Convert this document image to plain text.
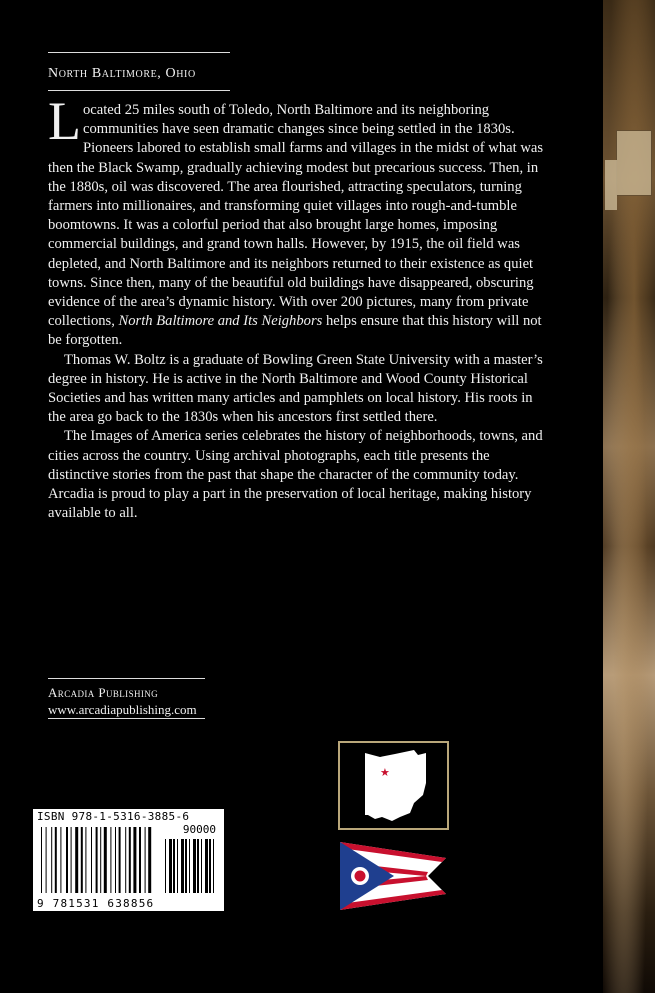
North Baltimore, Ohio

Located 25 miles south of Toledo, North Baltimore and its neighboring communities have seen dramatic changes since being settled in the 1830s. Pioneers labored to establish small farms and villages in the midst of what was then the Black Swamp, gradually achieving modest but precarious success. Then, in the 1880s, oil was discovered. The area flourished, attracting speculators, turning farmers into millionaires, and transforming quiet villages into rough-and-tumble boomtowns. It was a colorful period that also brought large homes, imposing commercial buildings, and grand town halls. However, by 1915, the oil field was depleted, and North Baltimore and its neighbors returned to their existence as quiet towns. Since then, many of the beautiful old buildings have disappeared, obscuring evidence of the area’s dynamic history. With over 200 pictures, many from private collections, North Baltimore and Its Neighbors helps ensure that this history will not be forgotten.

Thomas W. Boltz is a graduate of Bowling Green State University with a master’s degree in history. He is active in the North Baltimore and Wood County Historical Societies and has written many articles and pamphlets on local history. His roots in the area go back to the 1830s when his ancestors first settled there.

The Images of America series celebrates the history of neighborhoods, towns, and cities across the country. Using archival photographs, each title presents the distinctive stories from the past that shape the character of the community today. Arcadia is proud to play a part in the preservation of local heritage, making history available to all.

Arcadia Publishing
www.arcadiapublishing.com
ISBN 978-1-5316-3885-6
90000
9 781531 638856
★
